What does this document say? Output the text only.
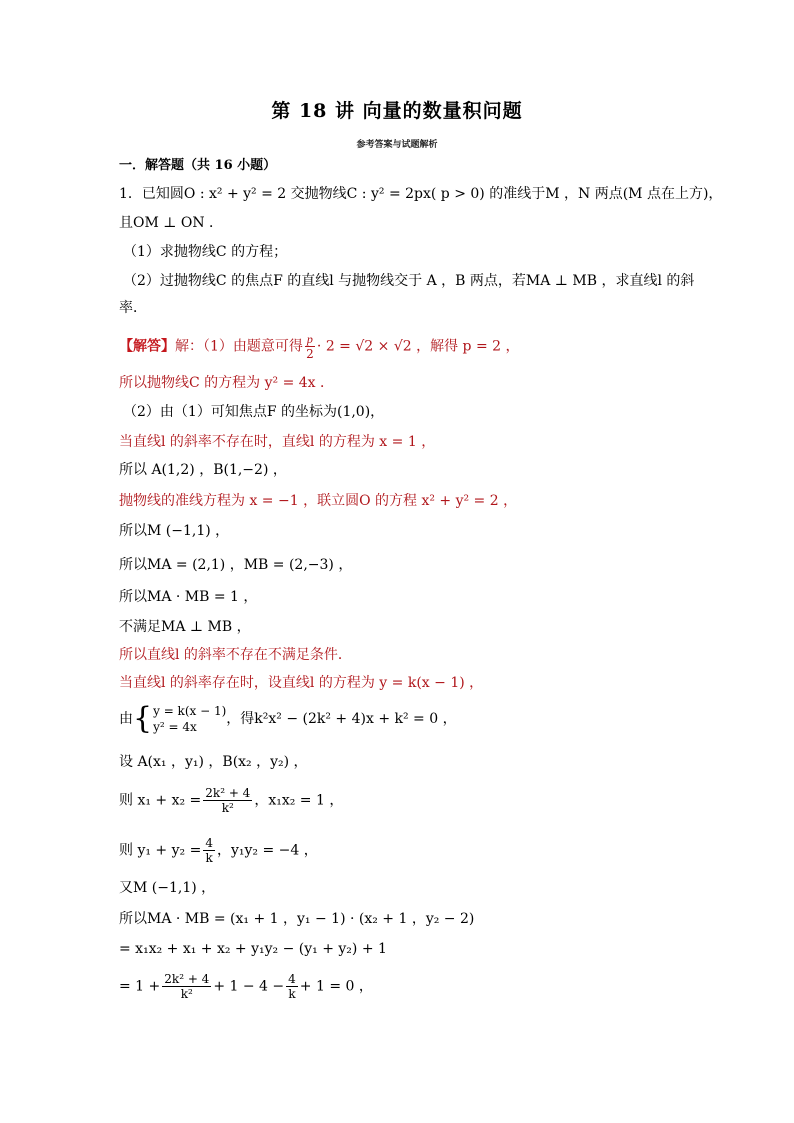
第 18 讲 向量的数量积问题
参考答案与试题解析
一．解答题（共 16 小题）
1．已知圆O : x² + y² = 2 交抛物线C : y² = 2px( p > 0) 的准线于M ，N 两点(M 点在上方)，
且OM ⊥ ON ．
（1）求抛物线C 的方程；
（2）过抛物线C 的焦点F 的直线l 与抛物线交于 A ，B 两点，若MA ⊥ MB ，求直线l 的斜
率．
【解答】解：（1）由题意可得 $\frac{p}{2} \cdot 2 = √2 \times √2$ ，解得 p = 2 ，
所以抛物线C 的方程为 y² = 4x ．
（2）由（1）可知焦点F 的坐标为(1,0)，
当直线l 的斜率不存在时，直线l 的方程为 x = 1 ，
所以 A(1,2) ，B(1,−2) ，
抛物线的准线方程为 x = −1 ，联立圆O 的方程 x² + y² = 2 ，
所以M (−1,1) ，
所以MA = (2,1) ，MB = (2,−3) ，
所以MA · MB = 1 ，
不满足MA ⊥ MB ，
所以直线l 的斜率不存在不满足条件．
当直线l 的斜率存在时，设直线l 的方程为 y = k(x − 1) ，
由{ y = k(x − 1)
y² = 4x	，得k²x² − (2k² + 4)x + k² = 0 ，
设 A(x₁ ，y₁) ，B(x₂ ，y₂) ，
则 $x_1 + x_2 = \frac{\text{2k² + 4}}{\text{k²}}$ ，x₁x₂ = 1 ，
则 $y_1 + y_2 = \frac{4}{k}$ ，y₁y₂ = −4 ，
又M (−1,1) ，
所以MA · MB = (x₁ + 1 ，y₁ − 1) · (x₂ + 1 ，y₂ − 2)
= x₁x₂ + x₁ + x₂ + y₁y₂ − (y₁ + y₂) + 1
= $1 + \frac{\text{2k² + 4}}{\text{k²}} + 1 - 4 - \frac{4}{k} + 1 = 0$ ，
